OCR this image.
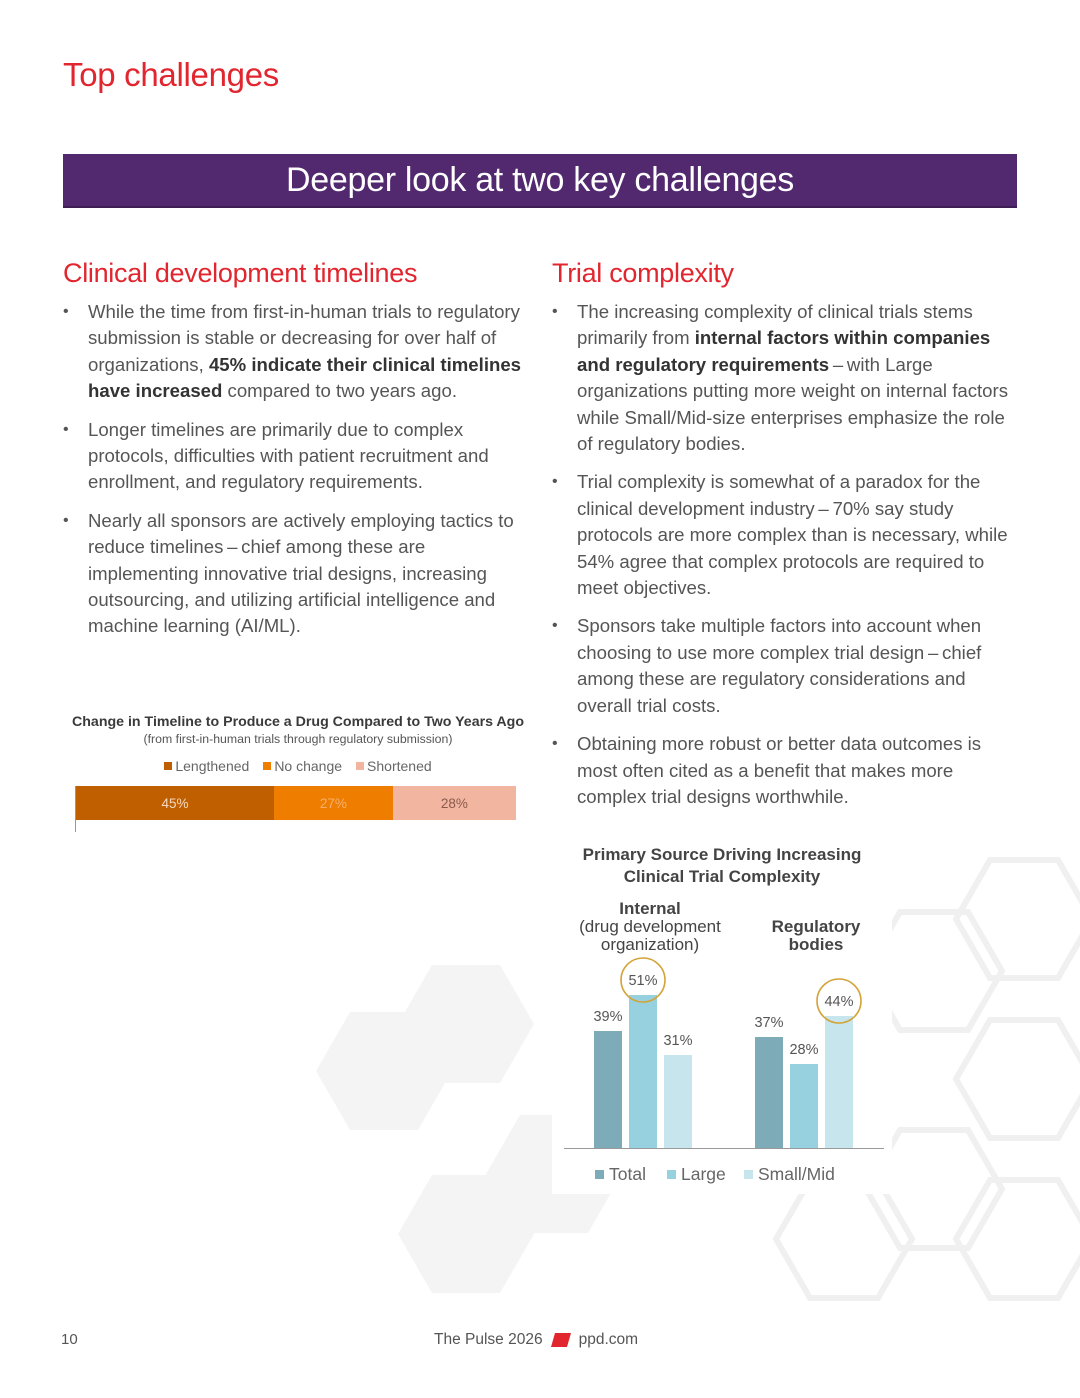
Top challenges
Deeper look at two key challenges
Clinical development timelines
• While the time from first-in-human trials to regulatory submission is stable or decreasing for over half of organizations, 45% indicate their clinical timelines have increased compared to two years ago.
• Longer timelines are primarily due to complex protocols, difficulties with patient recruitment and enrollment, and regulatory requirements.
• Nearly all sponsors are actively employing tactics to reduce timelines – chief among these are implementing innovative trial designs, increasing outsourcing, and utilizing artificial intelligence and machine learning (AI/ML).
Trial complexity
• The increasing complexity of clinical trials stems primarily from internal factors within companies and regulatory requirements – with Large organizations putting more weight on internal factors while Small/Mid-size enterprises emphasize the role of regulatory bodies.
• Trial complexity is somewhat of a paradox for the clinical development industry – 70% say study protocols are more complex than is necessary, while 54% agree that complex protocols are required to meet objectives.
• Sponsors take multiple factors into account when choosing to use more complex trial design – chief among these are regulatory considerations and overall trial costs.
• Obtaining more robust or better data outcomes is most often cited as a benefit that makes more complex trial designs worthwhile.
Change in Timeline to Produce a Drug Compared to Two Years Ago
(from first-in-human trials through regulatory submission)
Lengthened	No change	Shortened
45%	27%	28%
Primary Source Driving Increasing
Clinical Trial Complexity
Internal
(drug development
organization)
Regulatory
bodies
39%	37%
51%
28%
31%
44%
Total Large Small/Mid
10	The Pulse 2026 ppd.com
